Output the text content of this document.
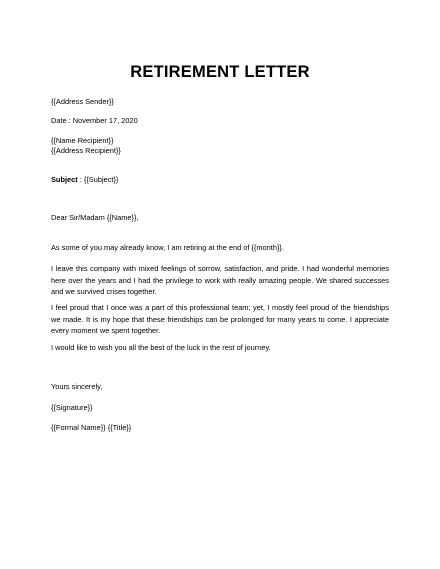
RETIREMENT LETTER
{{Address Sender}}
Date : November 17, 2020
{{Name Recipient}}
{{Address Recipient}}
Subject : {{Subject}}
Dear Sir/Madam {{Name}},
As some of you may already know, I am retiring at the end of {{month}}.
I leave this company with mixed feelings of sorrow, satisfaction, and pride. I had wonderful memories here over the years and I had the privilege to work with really amazing people. We shared successes and we survived crises together.
I feel proud that I once was a part of this professional team; yet, I mostly feel proud of the friendships we made. It is my hope that these friendships can be prolonged for many years to come. I appreciate every moment we spent together.
I would like to wish you all the best of the luck in the rest of journey.
Yours sincerely,
{{Signature}}
{{Formal Name}} {{Title}}
